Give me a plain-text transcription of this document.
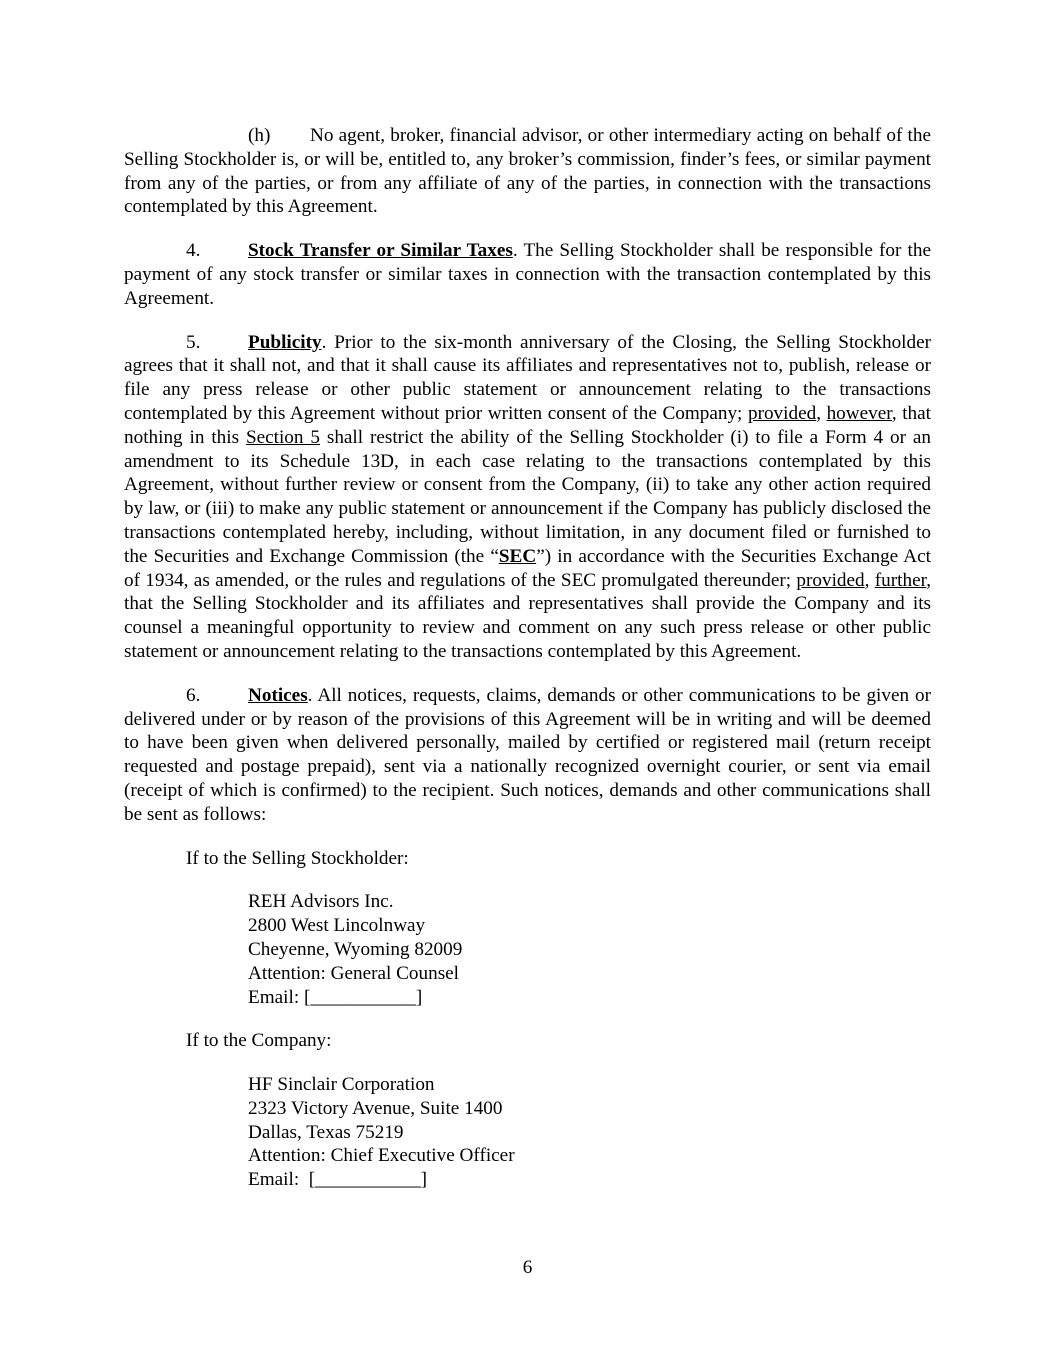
(h) No agent, broker, financial advisor, or other intermediary acting on behalf of the Selling Stockholder is, or will be, entitled to, any broker’s commission, finder’s fees, or similar payment from any of the parties, or from any affiliate of any of the parties, in connection with the transactions contemplated by this Agreement.

4. Stock Transfer or Similar Taxes. The Selling Stockholder shall be responsible for the payment of any stock transfer or similar taxes in connection with the transaction contemplated by this Agreement.

5. Publicity. Prior to the six-month anniversary of the Closing, the Selling Stockholder agrees that it shall not, and that it shall cause its affiliates and representatives not to, publish, release or file any press release or other public statement or announcement relating to the transactions contemplated by this Agreement without prior written consent of the Company; provided, however, that nothing in this Section 5 shall restrict the ability of the Selling Stockholder (i) to file a Form 4 or an amendment to its Schedule 13D, in each case relating to the transactions contemplated by this Agreement, without further review or consent from the Company, (ii) to take any other action required by law, or (iii) to make any public statement or announcement if the Company has publicly disclosed the transactions contemplated hereby, including, without limitation, in any document filed or furnished to the Securities and Exchange Commission (the “SEC”) in accordance with the Securities Exchange Act of 1934, as amended, or the rules and regulations of the SEC promulgated thereunder; provided, further, that the Selling Stockholder and its affiliates and representatives shall provide the Company and its counsel a meaningful opportunity to review and comment on any such press release or other public statement or announcement relating to the transactions contemplated by this Agreement.

6. Notices. All notices, requests, claims, demands or other communications to be given or delivered under or by reason of the provisions of this Agreement will be in writing and will be deemed to have been given when delivered personally, mailed by certified or registered mail (return receipt requested and postage prepaid), sent via a nationally recognized overnight courier, or sent via email (receipt of which is confirmed) to the recipient. Such notices, demands and other communications shall be sent as follows:

If to the Selling Stockholder:

REH Advisors Inc.
2800 West Lincolnway
Cheyenne, Wyoming 82009
Attention: General Counsel
Email: [___________]

If to the Company:

HF Sinclair Corporation
2323 Victory Avenue, Suite 1400
Dallas, Texas 75219
Attention: Chief Executive Officer
Email:  [___________]
6
